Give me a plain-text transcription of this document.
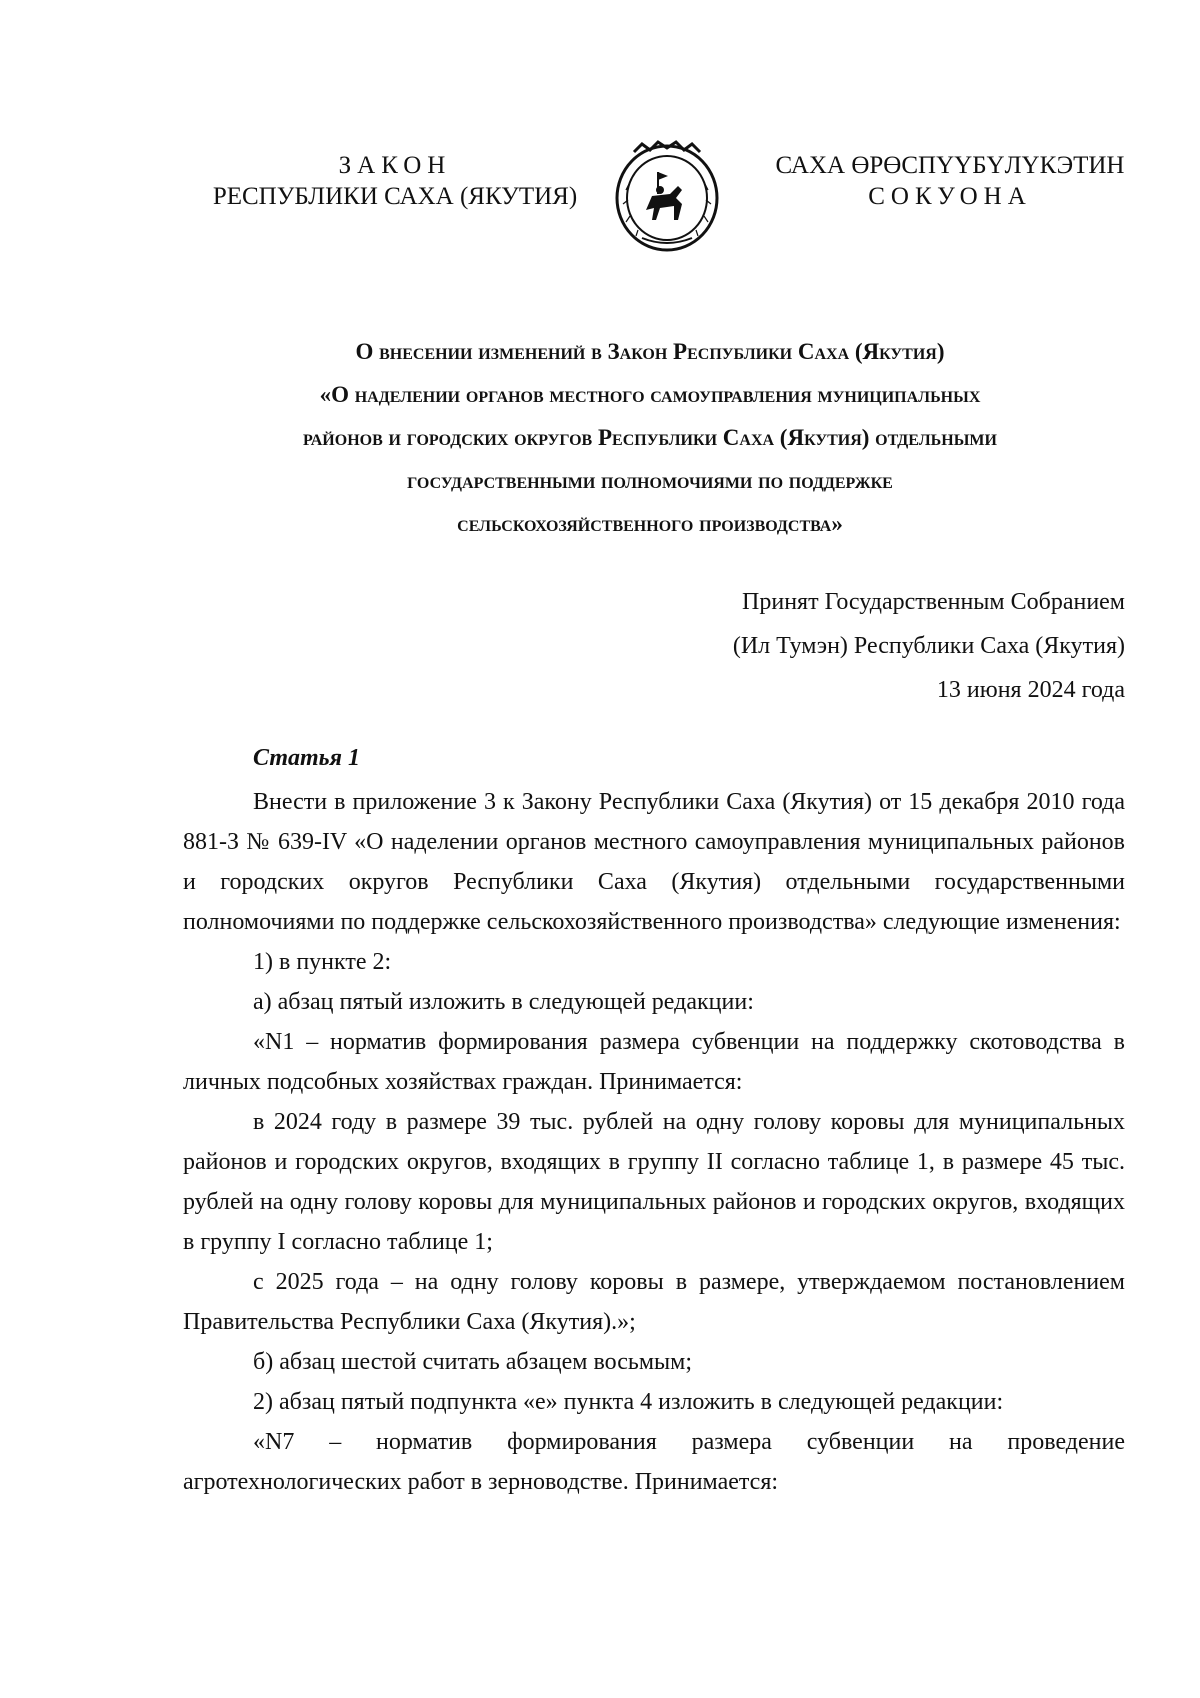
ЗАКОН
РЕСПУБЛИКИ САХА (ЯКУТИЯ)
САХА ӨРӨСПҮҮБҮЛҮКЭТИН
СОКУОНА
О внесении изменений в Закон Республики Саха (Якутия)
«О наделении органов местного самоуправления муниципальных
районов и городских округов Республики Саха (Якутия) отдельными
государственными полномочиями по поддержке
сельскохозяйственного производства»
Принят Государственным Собранием
(Ил Тумэн) Республики Саха (Якутия)
13 июня 2024 года
Статья 1

Внести в приложение 3 к Закону Республики Саха (Якутия) от 15 декабря 2010 года 881-З № 639-IV «О наделении органов местного самоуправления муниципальных районов и городских округов Республики Саха (Якутия) отдельными государственными полномочиями по поддержке сельскохозяйственного производства» следующие изменения:

1) в пункте 2:

а) абзац пятый изложить в следующей редакции:

«N1 – норматив формирования размера субвенции на поддержку скотоводства в личных подсобных хозяйствах граждан. Принимается:

в 2024 году в размере 39 тыс. рублей на одну голову коровы для муниципальных районов и городских округов, входящих в группу II согласно таблице 1, в размере 45 тыс. рублей на одну голову коровы для муниципальных районов и городских округов, входящих в группу I согласно таблице 1;

с 2025 года – на одну голову коровы в размере, утверждаемом постановлением Правительства Республики Саха (Якутия).»;

б) абзац шестой считать абзацем восьмым;

2) абзац пятый подпункта «е» пункта 4 изложить в следующей редакции:

«N7 – норматив формирования размера субвенции на проведение агротехнологических работ в зерноводстве. Принимается:
